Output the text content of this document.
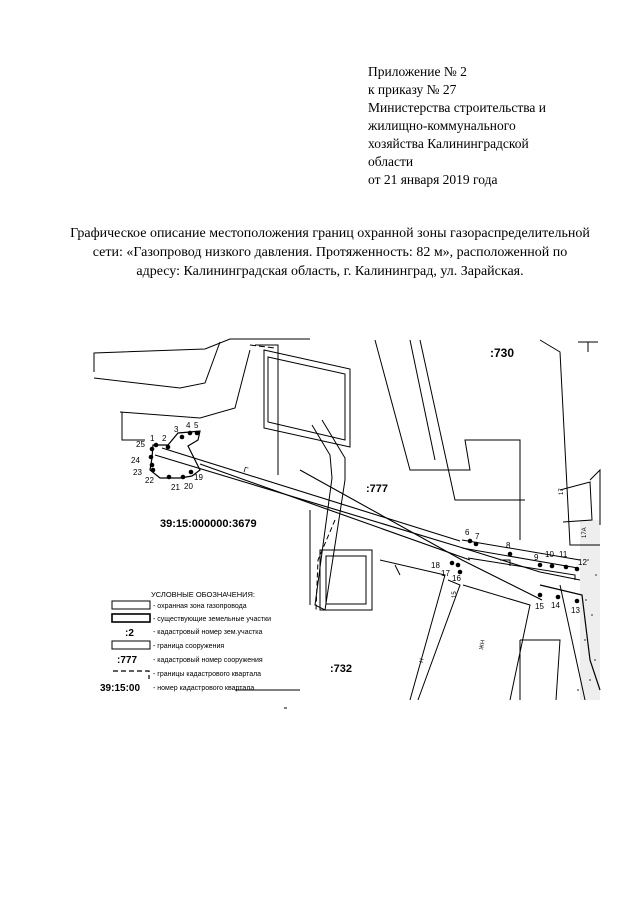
Приложение № 2
к приказу № 27
Министерства строительства и
жилищно-коммунального
хозяйства Калининградской
области
от 21 января 2019 года
Графическое описание местоположения границ охранной зоны газораспределительной сети: «Газопровод низкого давления. Протяженность: 82 м», расположенной по адресу: Калининградская область, г. Калининград, ул. Зарайская.
1 2
3 4 5
6 7
8
9 10 11
12
13
14
15
16
17
18
19
20
21
22
23
24
25
:730
:777
:732
39:15:000000:3679
Г
17
17А
15
Н
ЖН
УСЛОВНЫЕ ОБОЗНАЧЕНИЯ:
- охранная зона газопровода
- существующие земельные участки
:2	- кадастровый номер зем.участка
- граница сооружения
:777 - кадастровый номер сооружения
- границы кадастрового квартала
39:15:00 - номер кадастрового квартала
